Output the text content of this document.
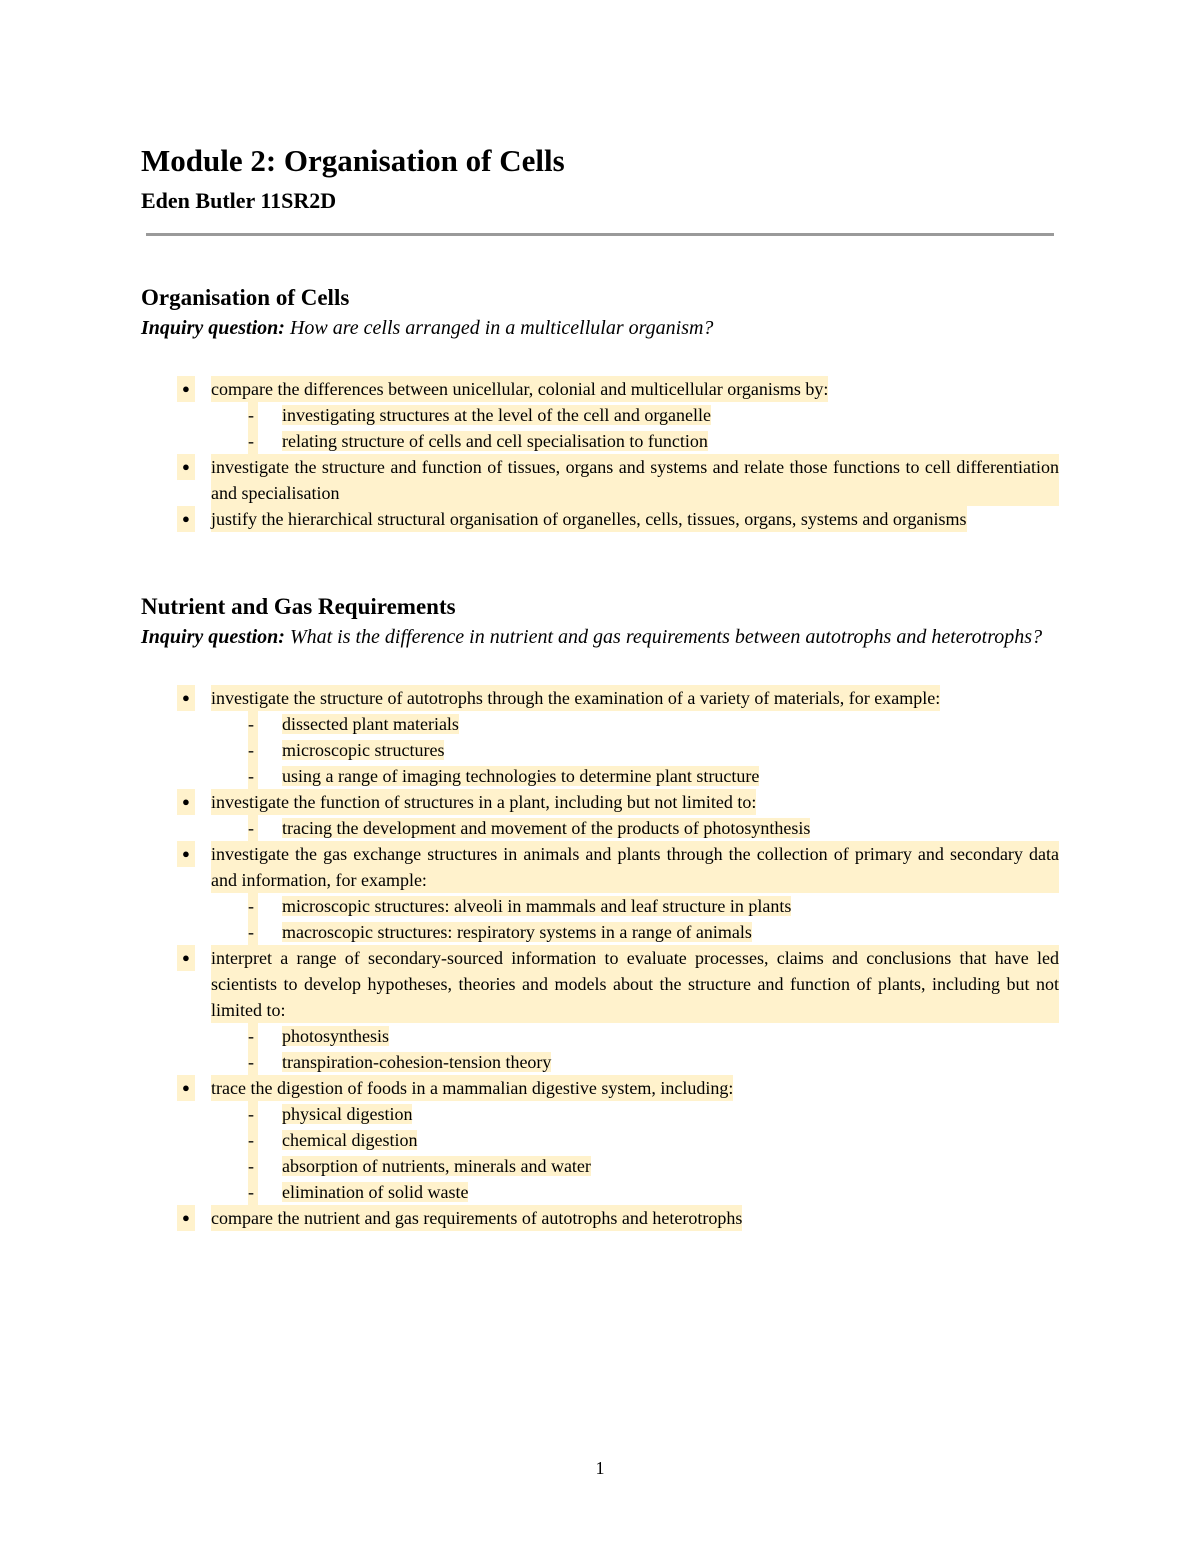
Module 2: Organisation of Cells
Eden Butler 11SR2D
Organisation of Cells

Inquiry question: How are cells arranged in a multicellular organism?

● compare the differences between unicellular, colonial and multicellular organisms by:
- investigating structures at the level of the cell and organelle
- relating structure of cells and cell specialisation to function
● investigate the structure and function of tissues, organs and systems and relate those functions to cell differentiation and specialisation
● justify the hierarchical structural organisation of organelles, cells, tissues, organs, systems and organisms
Nutrient and Gas Requirements

Inquiry question: What is the difference in nutrient and gas requirements between autotrophs and heterotrophs?

● investigate the structure of autotrophs through the examination of a variety of materials, for example:
- dissected plant materials
- microscopic structures
- using a range of imaging technologies to determine plant structure
● investigate the function of structures in a plant, including but not limited to:
- tracing the development and movement of the products of photosynthesis
● investigate the gas exchange structures in animals and plants through the collection of primary and secondary data and information, for example:
- microscopic structures: alveoli in mammals and leaf structure in plants
- macroscopic structures: respiratory systems in a range of animals
● interpret a range of secondary-sourced information to evaluate processes, claims and conclusions that have led scientists to develop hypotheses, theories and models about the structure and function of plants, including but not limited to:
- photosynthesis
- transpiration-cohesion-tension theory
● trace the digestion of foods in a mammalian digestive system, including:
- physical digestion
- chemical digestion
- absorption of nutrients, minerals and water
- elimination of solid waste
● compare the nutrient and gas requirements of autotrophs and heterotrophs
1
